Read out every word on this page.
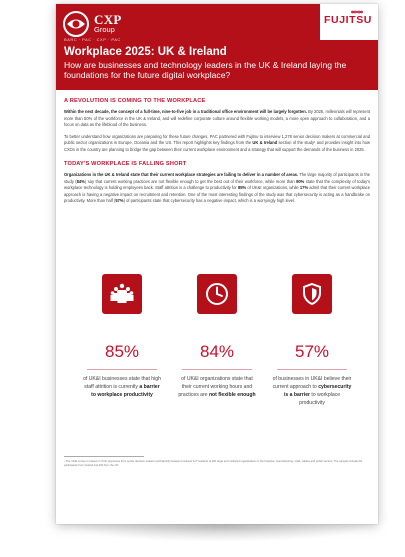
CXP
Group
BARC · PAC · CXP · PAC
FUJITSU
Workplace 2025: UK & Ireland
How are businesses and technology leaders in the UK & Ireland laying the foundations for the future digital workplace?
A REVOLUTION IS COMING TO THE WORKPLACE

Within the next decade, the concept of a full-time, nine-to-five job in a traditional office environment will be largely forgotten. By 2025, millennials will represent more than 50% of the workforce in the UK & Ireland, and will redefine corporate culture around flexible working models, a more open approach to collaboration, and a focus on data as the lifeblood of the business.

To better understand how organizations are preparing for these future changes, PAC partnered with Fujitsu to interview 1,278 senior decision makers at commercial and public sector organizations in Europe, Oceania and the US. This report highlights key findings from the UK & Ireland section of the study¹ and provides insight into how CXOs in the country are planning to bridge the gap between their current workplace environment and a strategy that will support the demands of the business in 2025.

TODAY'S WORKPLACE IS FALLING SHORT

Organizations in the UK & Ireland state that their current workplace strategies are failing to deliver in a number of areas. The large majority of participants in the study (84%) say that current working practices are not flexible enough to get the best out of their workforce, while more than 90% state that the complexity of today's workplace technology is holding employees back. Staff attrition is a challenge to productivity for 85% of UK&I organizations, while 17% admit that their current workplace approach is having a negative impact on recruitment and retention. One of the most interesting findings of the study was that cybersecurity is acting as a handbrake on productivity. More than half (57%) of participants state that cybersecurity has a negative impact, which is a worryingly high level.

85%
of UK&I businesses state that high staff attrition is currently a barrier to workplace productivity
84%
of UK&I organizations state that their current working hours and practices are not flexible enough
57%
of businesses in UK&I believe their current approach to cybersecurity is a barrier to workplace productivity
¹ The UK&I survey is based on CXO responses from senior decision-makers (self-identify between business & IT leaders) of 281 large and midsized organizations in the financial, manufacturing, retail, utilities and public sectors. The sample includes 81 participants from Ireland and 200 from the UK.
